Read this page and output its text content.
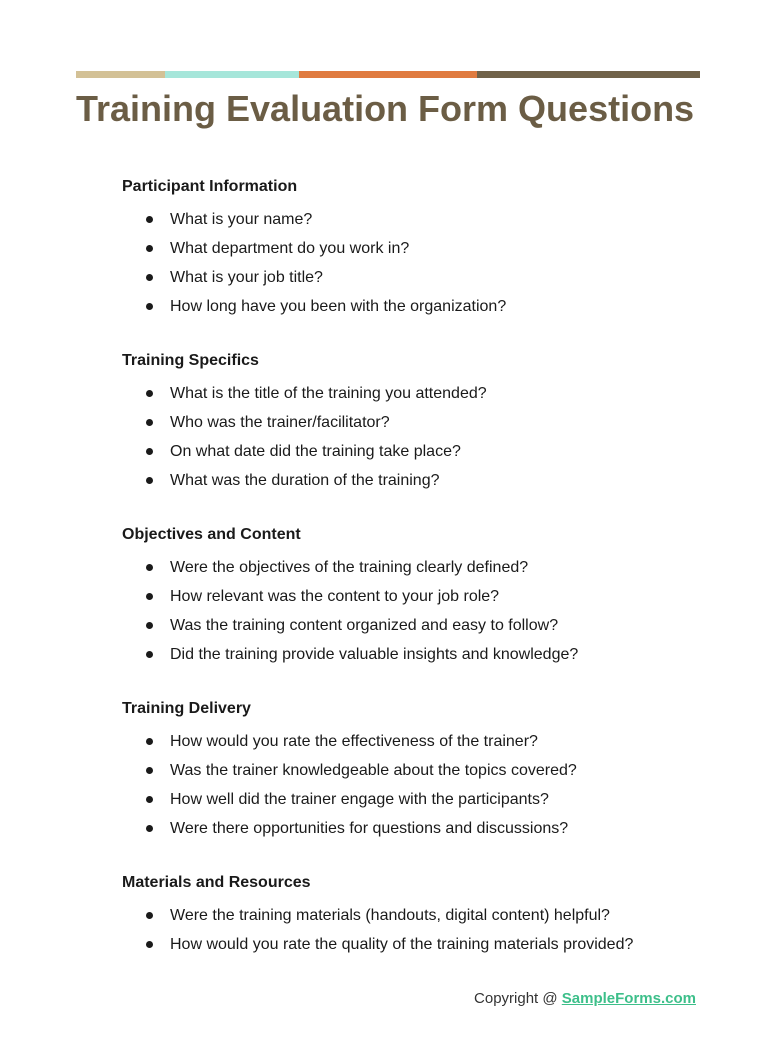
Training Evaluation Form Questions
Participant Information
What is your name?
What department do you work in?
What is your job title?
How long have you been with the organization?
Training Specifics
What is the title of the training you attended?
Who was the trainer/facilitator?
On what date did the training take place?
What was the duration of the training?
Objectives and Content
Were the objectives of the training clearly defined?
How relevant was the content to your job role?
Was the training content organized and easy to follow?
Did the training provide valuable insights and knowledge?
Training Delivery
How would you rate the effectiveness of the trainer?
Was the trainer knowledgeable about the topics covered?
How well did the trainer engage with the participants?
Were there opportunities for questions and discussions?
Materials and Resources
Were the training materials (handouts, digital content) helpful?
How would you rate the quality of the training materials provided?
Copyright @ SampleForms.com
